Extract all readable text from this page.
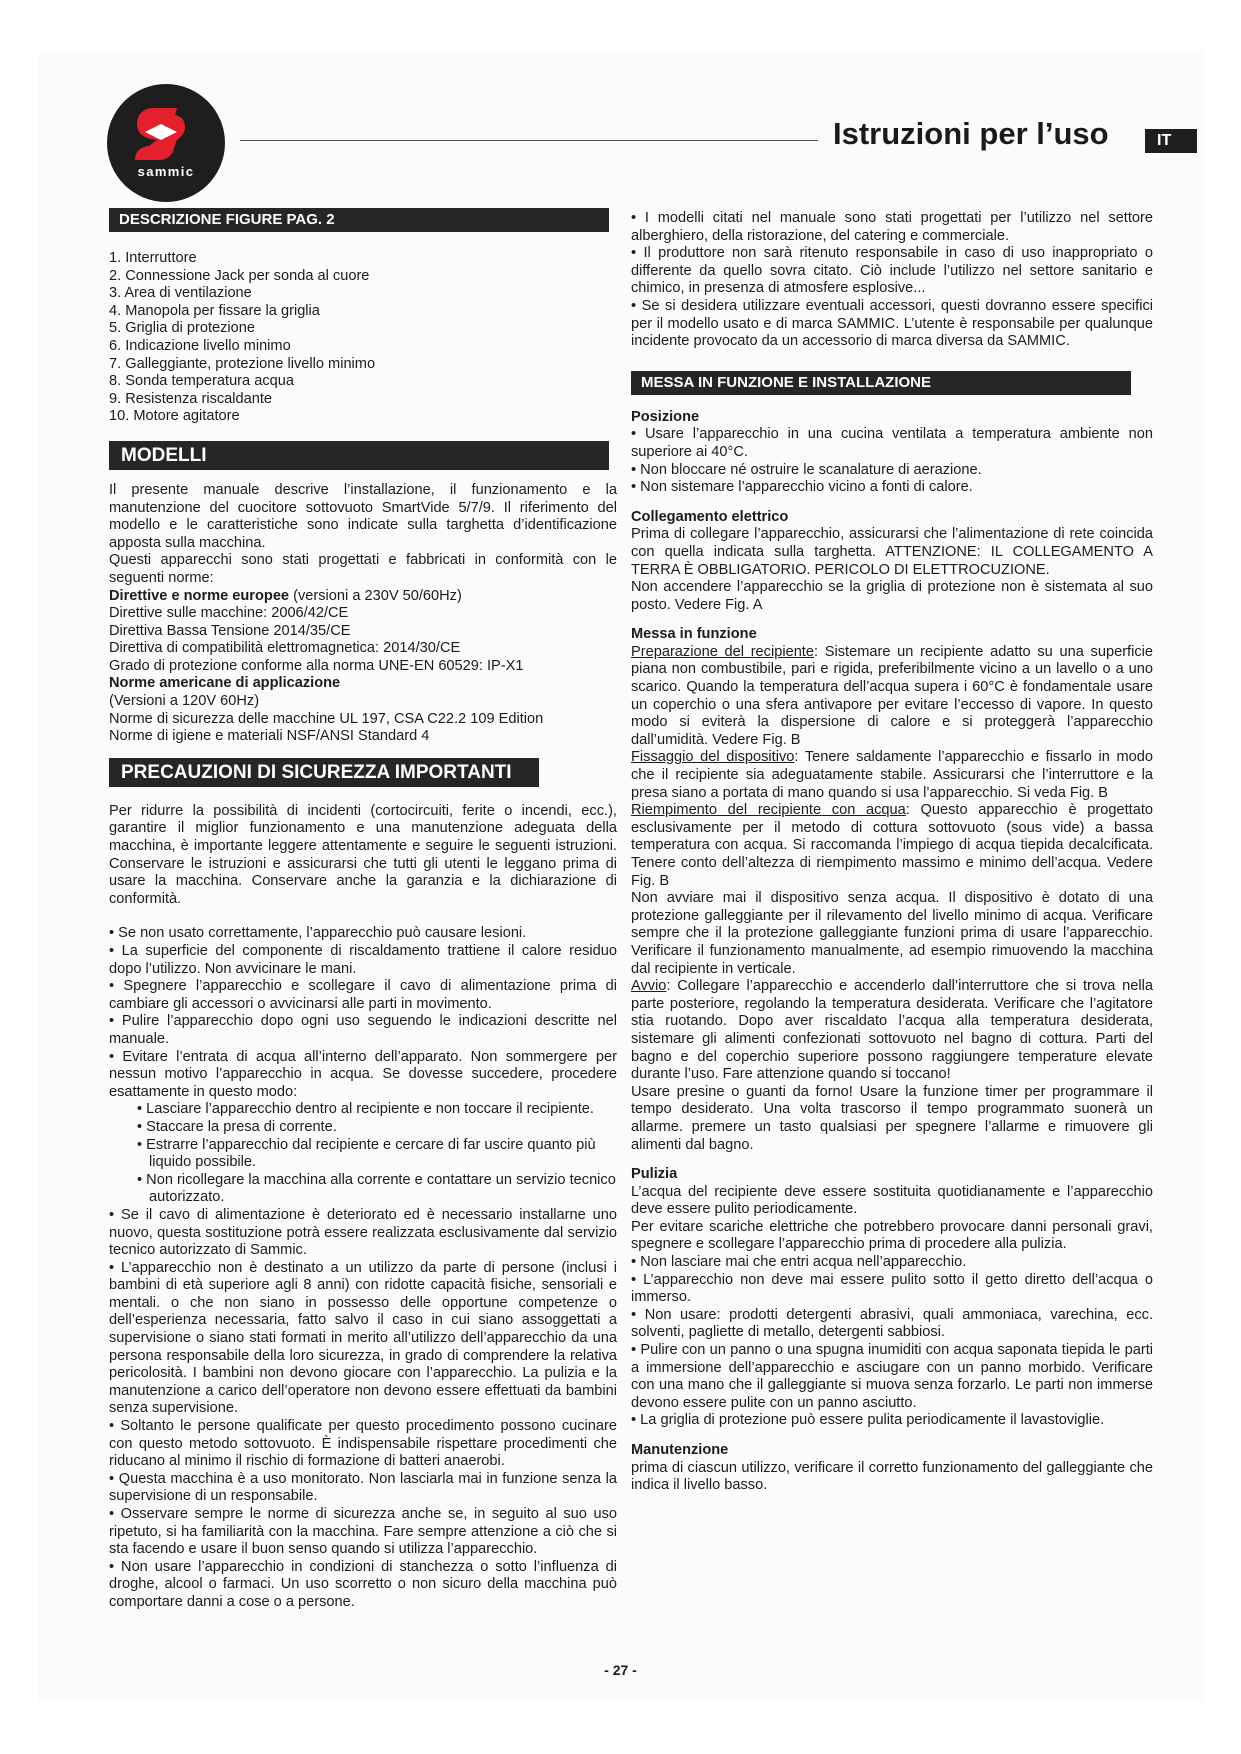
sammic
Istruzioni per l’uso	IT
DESCRIZIONE FIGURE PAG. 2

1. Interruttore

2. Connessione Jack per sonda al cuore

3. Area di ventilazione

4. Manopola per fissare la griglia

5. Griglia di protezione

6. Indicazione livello minimo

7. Galleggiante, protezione livello minimo

8. Sonda temperatura acqua

9. Resistenza riscaldante

10. Motore agitatore

MODELLI

Il presente manuale descrive l’installazione, il funzionamento e la manutenzione del cuocitore sottovuoto SmartVide 5/7/9. Il riferimento del modello e le caratteristiche sono indicate sulla targhetta d’identificazione apposta sulla macchina.

Questi apparecchi sono stati progettati e fabbricati in conformità con le seguenti norme:

Direttive e norme europee (versioni a 230V 50/60Hz)

Direttive sulle macchine: 2006/42/CE

Direttiva Bassa Tensione 2014/35/CE

Direttiva di compatibilità elettromagnetica: 2014/30/CE

Grado di protezione conforme alla norma UNE-EN 60529: IP-X1

Norme americane di applicazione

(Versioni a 120V 60Hz)

Norme di sicurezza delle macchine UL 197, CSA C22.2 109 Edition

Norme di igiene e materiali NSF/ANSI Standard 4

PRECAUZIONI DI SICUREZZA IMPORTANTI

Per ridurre la possibilità di incidenti (cortocircuiti, ferite o incendi, ecc.), garantire il miglior funzionamento e una manutenzione adeguata della macchina, è importante leggere attentamente e seguire le seguenti istruzioni. Conservare le istruzioni e assicurarsi che tutti gli utenti le leggano prima di usare la macchina. Conservare anche la garanzia e la dichiarazione di conformità.

• Se non usato correttamente, l’apparecchio può causare lesioni.

• La superficie del componente di riscaldamento trattiene il calore residuo dopo l’utilizzo. Non avvicinare le mani.

• Spegnere l’apparecchio e scollegare il cavo di alimentazione prima di cambiare gli accessori o avvicinarsi alle parti in movimento.

• Pulire l’apparecchio dopo ogni uso seguendo le indicazioni descritte nel manuale.

• Evitare l’entrata di acqua all’interno dell’apparato. Non sommergere per nessun motivo l’apparecchio in acqua. Se dovesse succedere, procedere esattamente in questo modo:

• Lasciare l’apparecchio dentro al recipiente e non toccare il recipiente.

• Staccare la presa di corrente.

• Estrarre l’apparecchio dal recipiente e cercare di far uscire quanto più liquido possibile.

• Non ricollegare la macchina alla corrente e contattare un servizio tecnico autorizzato.

• Se il cavo di alimentazione è deteriorato ed è necessario installarne uno nuovo, questa sostituzione potrà essere realizzata esclusivamente dal servizio tecnico autorizzato di Sammic.

• L’apparecchio non è destinato a un utilizzo da parte di persone (inclusi i bambini di età superiore agli 8 anni) con ridotte capacità fisiche, sensoriali e mentali. o che non siano in possesso delle opportune competenze o dell’esperienza necessaria, fatto salvo il caso in cui siano assoggettati a supervisione o siano stati formati in merito all’utilizzo dell’apparecchio da una persona responsabile della loro sicurezza, in grado di comprendere la relativa pericolosità. I bambini non devono giocare con l’apparecchio. La pulizia e la manutenzione a carico dell’operatore non devono essere effettuati da bambini senza supervisione.

• Soltanto le persone qualificate per questo procedimento possono cucinare con questo metodo sottovuoto. È indispensabile rispettare procedimenti che riducano al minimo il rischio di formazione di batteri anaerobi.

• Questa macchina è a uso monitorato. Non lasciarla mai in funzione senza la supervisione di un responsabile.

• Osservare sempre le norme di sicurezza anche se, in seguito al suo uso ripetuto, si ha familiarità con la macchina. Fare sempre attenzione a ciò che si sta facendo e usare il buon senso quando si utilizza l’apparecchio.

• Non usare l’apparecchio in condizioni di stanchezza o sotto l’influenza di droghe, alcool o farmaci. Un uso scorretto o non sicuro della macchina può comportare danni a cose o a persone.

• I modelli citati nel manuale sono stati progettati per l’utilizzo nel settore alberghiero, della ristorazione, del catering e commerciale.

• Il produttore non sarà ritenuto responsabile in caso di uso inappropriato o differente da quello sovra citato. Ciò include l’utilizzo nel settore sanitario e chimico, in presenza di atmosfere esplosive...

• Se si desidera utilizzare eventuali accessori, questi dovranno essere specifici per il modello usato e di marca SAMMIC. L’utente è responsabile per qualunque incidente provocato da un accessorio di marca diversa da SAMMIC.

MESSA IN FUNZIONE E INSTALLAZIONE

Posizione

• Usare l’apparecchio in una cucina ventilata a temperatura ambiente non superiore ai 40°C.

• Non bloccare né ostruire le scanalature di aerazione.

• Non sistemare l’apparecchio vicino a fonti di calore.

Collegamento elettrico

Prima di collegare l’apparecchio, assicurarsi che l’alimentazione di rete coincida con quella indicata sulla targhetta. ATTENZIONE: IL COLLEGAMENTO A TERRA È OBBLIGATORIO. PERICOLO DI ELETTROCUZIONE.

Non accendere l’apparecchio se la griglia di protezione non è sistemata al suo posto. Vedere Fig. A

Messa in funzione

Preparazione del recipiente: Sistemare un recipiente adatto su una superficie piana non combustibile, pari e rigida, preferibilmente vicino a un lavello o a uno scarico. Quando la temperatura dell’acqua supera i 60°C è fondamentale usare un coperchio o una sfera antivapore per evitare l’eccesso di vapore. In questo modo si eviterà la dispersione di calore e si proteggerà l’apparecchio dall’umidità. Vedere Fig. B

Fissaggio del dispositivo: Tenere saldamente l’apparecchio e fissarlo in modo che il recipiente sia adeguatamente stabile. Assicurarsi che l’interruttore e la presa siano a portata di mano quando si usa l’apparecchio. Si veda Fig. B

Riempimento del recipiente con acqua: Questo apparecchio è progettato esclusivamente per il metodo di cottura sottovuoto (sous vide) a bassa temperatura con acqua. Si raccomanda l’impiego di acqua tiepida decalcificata. Tenere conto dell’altezza di riempimento massimo e minimo dell’acqua. Vedere Fig. B

Non avviare mai il dispositivo senza acqua. Il dispositivo è dotato di una protezione galleggiante per il rilevamento del livello minimo di acqua. Verificare sempre che il la protezione galleggiante funzioni prima di usare l’apparecchio. Verificare il funzionamento manualmente, ad esempio rimuovendo la macchina dal recipiente in verticale.

Avvio: Collegare l’apparecchio e accenderlo dall’interruttore che si trova nella parte posteriore, regolando la temperatura desiderata. Verificare che l’agitatore stia ruotando. Dopo aver riscaldato l’acqua alla temperatura desiderata, sistemare gli alimenti confezionati sottovuoto nel bagno di cottura. Parti del bagno e del coperchio superiore possono raggiungere temperature elevate durante l’uso. Fare attenzione quando si toccano!

Usare presine o guanti da forno! Usare la funzione timer per programmare il tempo desiderato. Una volta trascorso il tempo programmato suonerà un allarme. premere un tasto qualsiasi per spegnere l’allarme e rimuovere gli alimenti dal bagno.

Pulizia

L’acqua del recipiente deve essere sostituita quotidianamente e l’apparecchio deve essere pulito periodicamente.

Per evitare scariche elettriche che potrebbero provocare danni personali gravi, spegnere e scollegare l’apparecchio prima di procedere alla pulizia.

• Non lasciare mai che entri acqua nell’apparecchio.

• L’apparecchio non deve mai essere pulito sotto il getto diretto dell’acqua o immerso.

• Non usare: prodotti detergenti abrasivi, quali ammoniaca, varechina, ecc. solventi, pagliette di metallo, detergenti sabbiosi.

• Pulire con un panno o una spugna inumiditi con acqua saponata tiepida le parti a immersione dell’apparecchio e asciugare con un panno morbido. Verificare con una mano che il galleggiante si muova senza forzarlo. Le parti non immerse devono essere pulite con un panno asciutto.

• La griglia di protezione può essere pulita periodicamente il lavastoviglie.

Manutenzione

prima di ciascun utilizzo, verificare il corretto funzionamento del galleggiante che indica il livello basso.

- 27 -
